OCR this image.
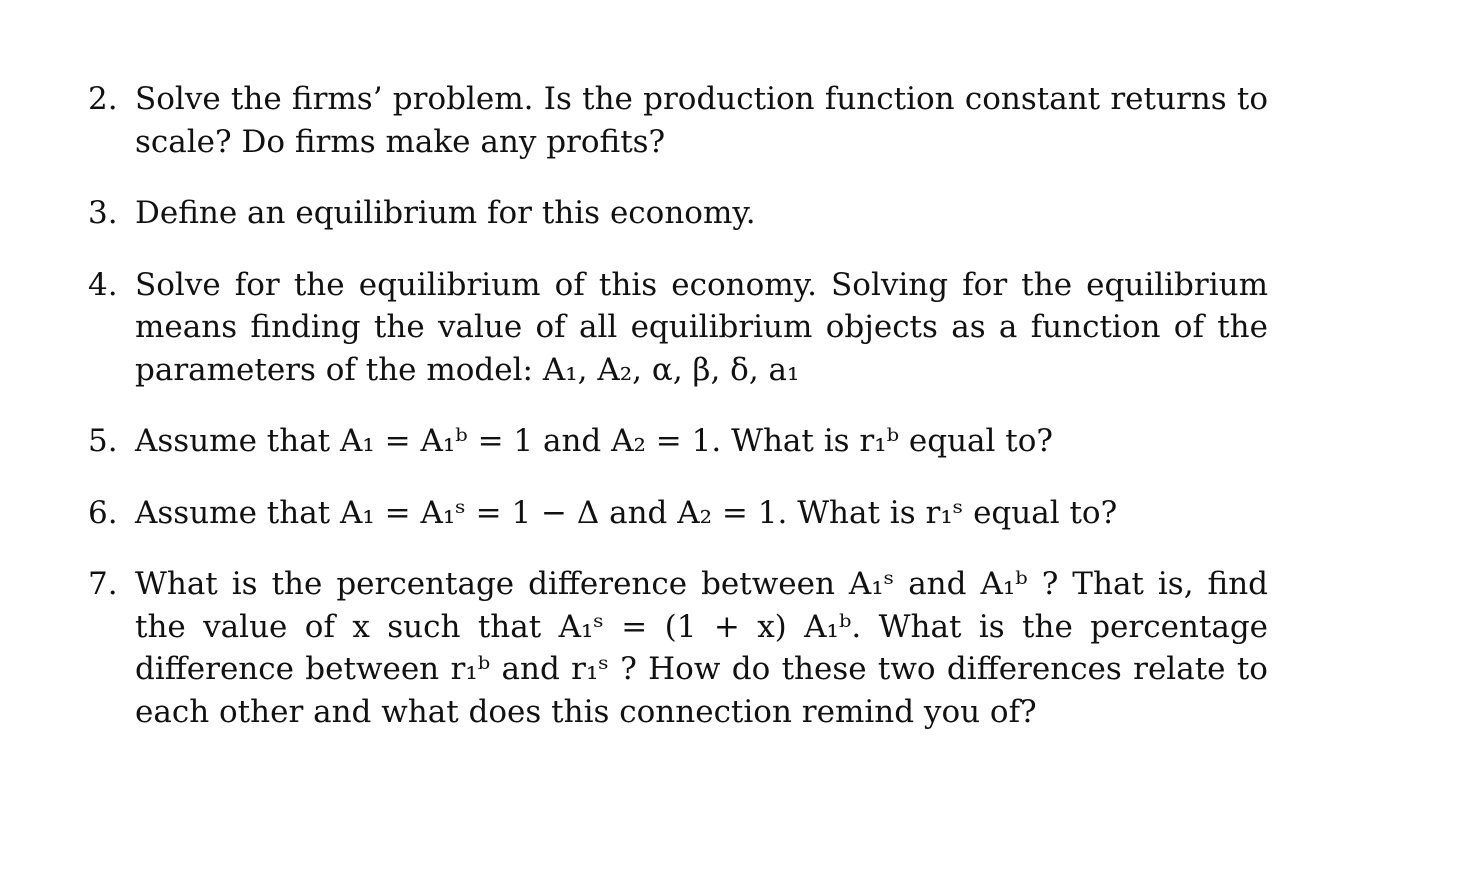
2. Solve the firms’ problem. Is the production function constant returns to scale? Do firms make any profits?
3. Define an equilibrium for this economy.
4. Solve for the equilibrium of this economy. Solving for the equilibrium means finding the value of all equilibrium objects as a function of the parameters of the model: A₁, A₂, α, β, δ, a₁
5. Assume that A₁ = A₁ᵇ = 1 and A₂ = 1. What is r₁ᵇ equal to?
6. Assume that A₁ = A₁ˢ = 1 − Δ and A₂ = 1. What is r₁ˢ equal to?
7. What is the percentage difference between A₁ˢ and A₁ᵇ ? That is, find the value of x such that A₁ˢ = (1 + x) A₁ᵇ. What is the percentage difference between r₁ᵇ and r₁ˢ ? How do these two differences relate to each other and what does this connection remind you of?
